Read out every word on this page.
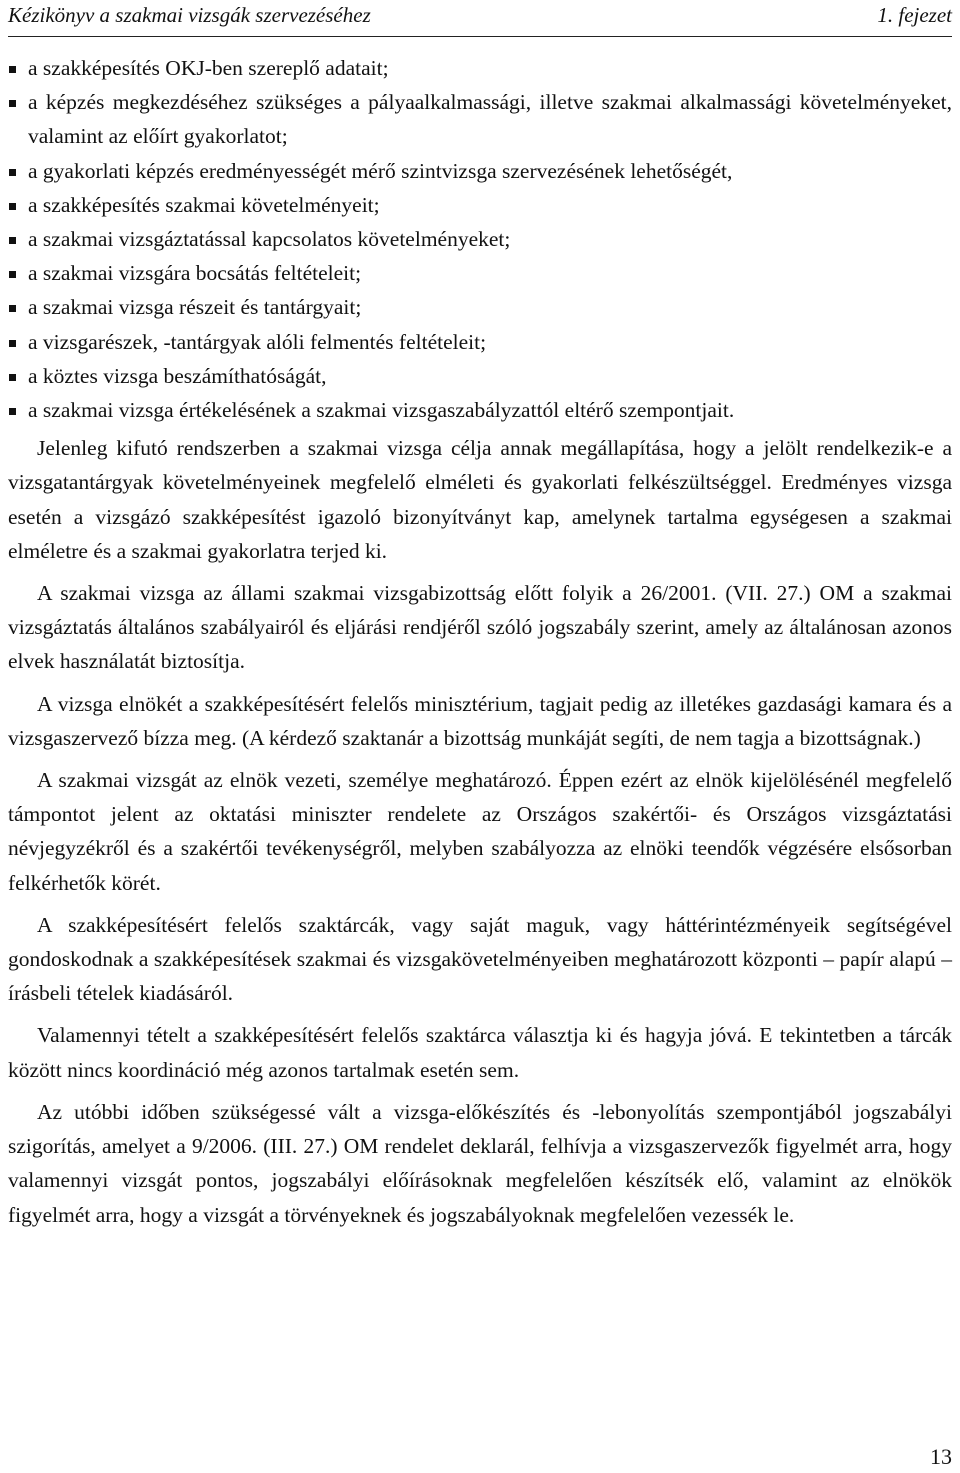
Kézikönyv a szakmai vizsgák szervezéséhez	1. fejezet
a szakképesítés OKJ-ben szereplő adatait;
a képzés megkezdéséhez szükséges a pályaalkalmassági, illetve szakmai alkalmassági követelményeket, valamint az előírt gyakorlatot;
a gyakorlati képzés eredményességét mérő szintvizsga szervezésének lehetőségét,
a szakképesítés szakmai követelményeit;
a szakmai vizsgáztatással kapcsolatos követelményeket;
a szakmai vizsgára bocsátás feltételeit;
a szakmai vizsga részeit és tantárgyait;
a vizsgarészek, -tantárgyak alóli felmentés feltételeit;
a köztes vizsga beszámíthatóságát,
a szakmai vizsga értékelésének a szakmai vizsgaszabályzattól eltérő szempontjait.

Jelenleg kifutó rendszerben a szakmai vizsga célja annak megállapítása, hogy a jelölt rendelkezik-e a vizsgatantárgyak követelményeinek megfelelő elméleti és gyakorlati felkészültséggel. Eredményes vizsga esetén a vizsgázó szakképesítést igazoló bizonyítványt kap, amelynek tartalma egységesen a szakmai elméletre és a szakmai gyakorlatra terjed ki.

A szakmai vizsga az állami szakmai vizsgabizottság előtt folyik a 26/2001. (VII. 27.) OM a szakmai vizsgáztatás általános szabályairól és eljárási rendjéről szóló jogszabály szerint, amely az általánosan azonos elvek használatát biztosítja.

A vizsga elnökét a szakképesítésért felelős minisztérium, tagjait pedig az illetékes gazdasági kamara és a vizsgaszervező bízza meg. (A kérdező szaktanár a bizottság munkáját segíti, de nem tagja a bizottságnak.)

A szakmai vizsgát az elnök vezeti, személye meghatározó. Éppen ezért az elnök kijelölésénél megfelelő támpontot jelent az oktatási miniszter rendelete az Országos szakértői- és Országos vizsgáztatási névjegyzékről és a szakértői tevékenységről, melyben szabályozza az elnöki teendők végzésére elsősorban felkérhetők körét.

A szakképesítésért felelős szaktárcák, vagy saját maguk, vagy háttérintézményeik segítségével gondoskodnak a szakképesítések szakmai és vizsgakövetelményeiben meghatározott központi – papír alapú – írásbeli tételek kiadásáról.

Valamennyi tételt a szakképesítésért felelős szaktárca választja ki és hagyja jóvá. E tekintetben a tárcák között nincs koordináció még azonos tartalmak esetén sem.

Az utóbbi időben szükségessé vált a vizsga-előkészítés és -lebonyolítás szempontjából jogszabályi szigorítás, amelyet a 9/2006. (III. 27.) OM rendelet deklarál, felhívja a vizsgaszervezők figyelmét arra, hogy valamennyi vizsgát pontos, jogszabályi előírásoknak megfelelően készítsék elő, valamint az elnökök figyelmét arra, hogy a vizsgát a törvényeknek és jogszabályoknak megfelelően vezessék le.

13
